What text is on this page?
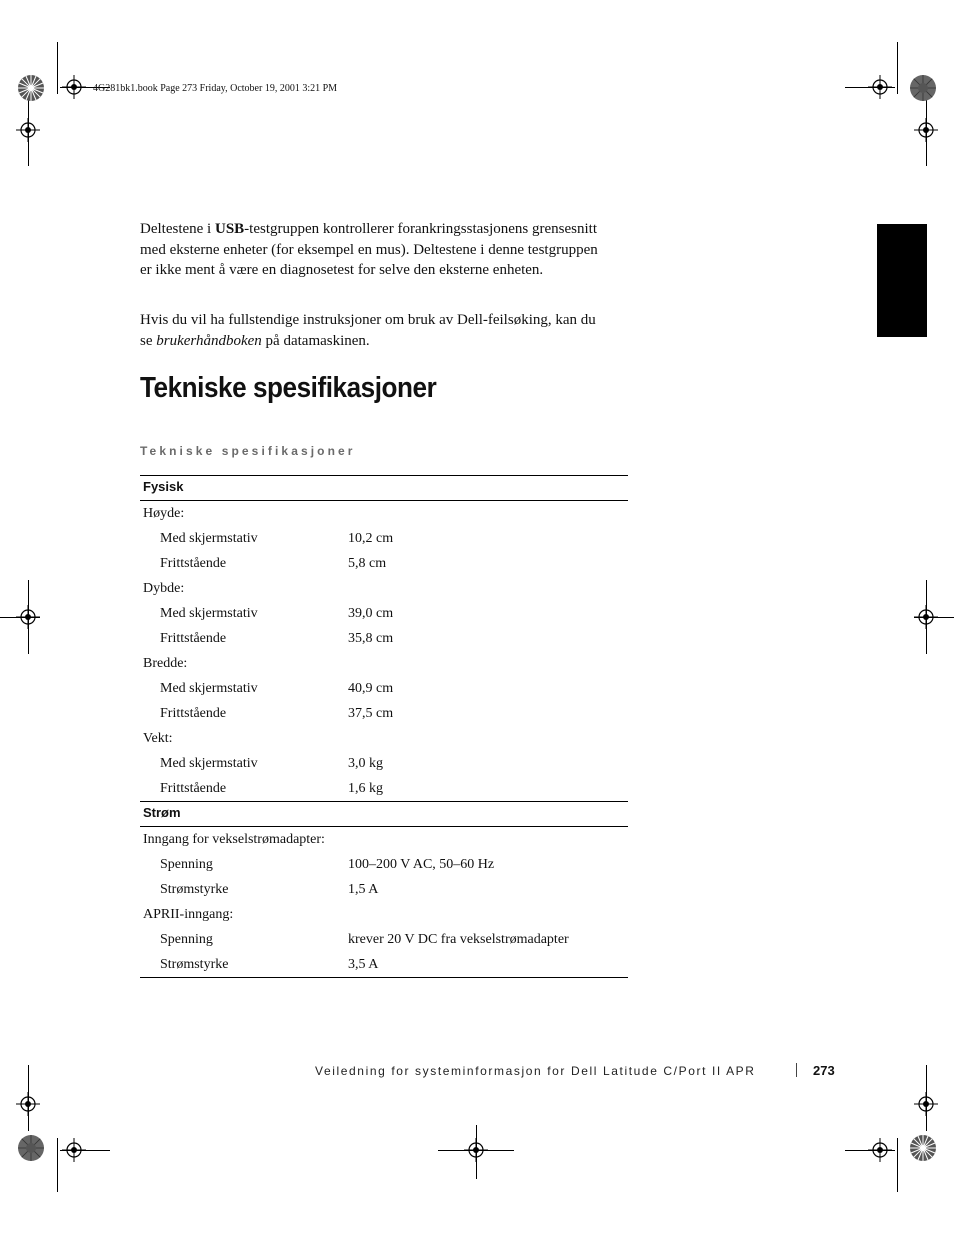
4G281bk1.book Page 273 Friday, October 19, 2001 3:21 PM

Deltestene i USB-testgruppen kontrollerer forankringsstasjonens grensesnitt med eksterne enheter (for eksempel en mus). Deltestene i denne testgruppen er ikke ment å være en diagnosetest for selve den eksterne enheten.

Hvis du vil ha fullstendige instruksjoner om bruk av Dell-feilsøking, kan du se brukerhåndboken på datamaskinen.

Tekniske spesifikasjoner
Tekniske spesifikasjoner
Fysisk
Høyde:
Med skjermstativ	10,2 cm
Frittstående	5,8 cm
Dybde:
Med skjermstativ	39,0 cm
Frittstående	35,8 cm
Bredde:
Med skjermstativ	40,9 cm
Frittstående	37,5 cm
Vekt:
Med skjermstativ	3,0 kg
Frittstående	1,6 kg
Strøm
Inngang for vekselstrømadapter:
Spenning	100–200 V AC, 50–60 Hz
Strømstyrke	1,5 A
APRII-inngang:
Spenning	krever 20 V DC fra vekselstrømadapter
Strømstyrke	3,5 A
Veiledning for systeminformasjon for Dell Latitude C/Port II APR	273
